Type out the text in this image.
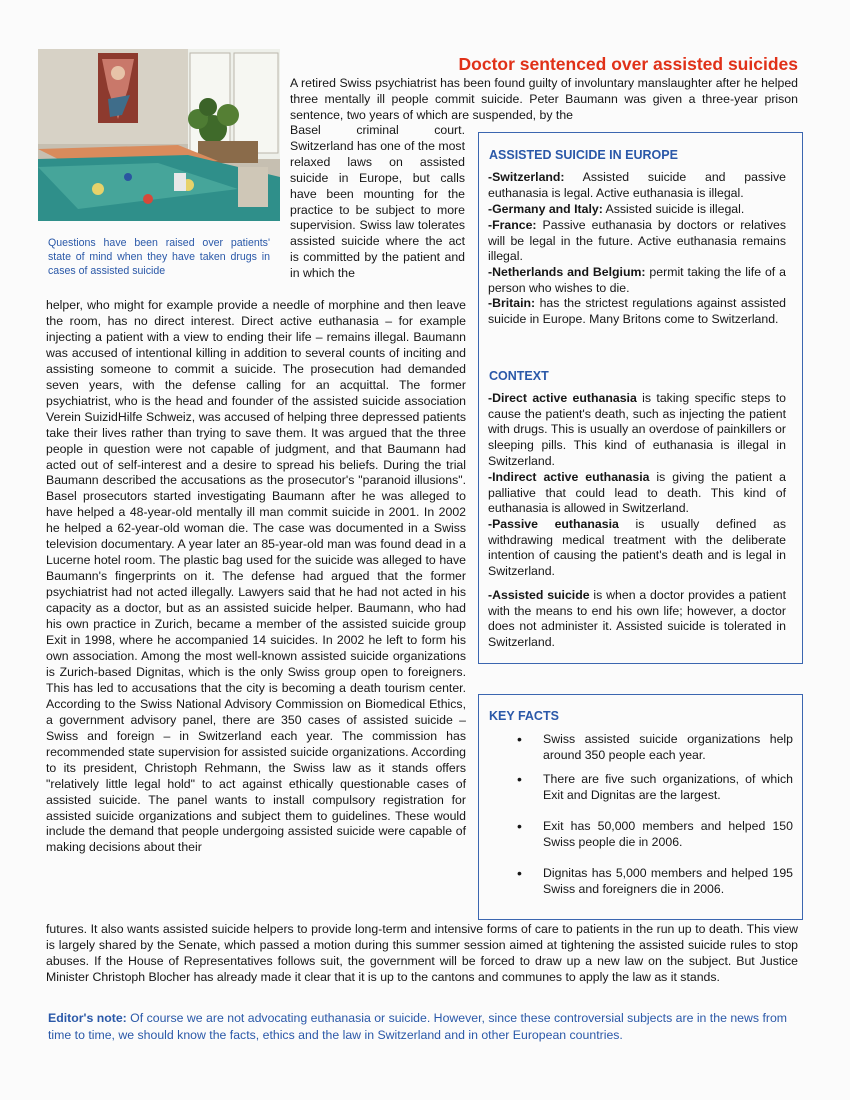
Questions have been raised over patients' state of mind when they have taken drugs in cases of assisted suicide
Doctor sentenced over assisted suicides

A retired Swiss psychiatrist has been found guilty of involuntary manslaughter after he helped three mentally ill people commit suicide. Peter Baumann was given a three-year prison sentence, two years of which are suspended, by the

Basel criminal court. Switzerland has one of the most relaxed laws on assisted suicide in Europe, but calls have been mounting for the practice to be subject to more supervision. Swiss law tolerates assisted suicide where the act is committed by the patient and in which the
helper, who might for example provide a needle of morphine and then leave the room, has no direct interest. Direct active euthanasia – for example injecting a patient with a view to ending their life – remains illegal. Baumann was accused of intentional killing in addition to several counts of inciting and assisting someone to commit a suicide. The prosecution had demanded seven years, with the defense calling for an acquittal. The former psychiatrist, who is the head and founder of the assisted suicide association Verein SuizidHilfe Schweiz, was accused of helping three depressed patients take their lives rather than trying to save them. It was argued that the three people in question were not capable of judgment, and that Baumann had acted out of self-interest and a desire to spread his beliefs. During the trial Baumann described the accusations as the prosecutor's "paranoid illusions". Basel prosecutors started investigating Baumann after he was alleged to have helped a 48-year-old mentally ill man commit suicide in 2001. In 2002 he helped a 62-year-old woman die. The case was documented in a Swiss television documentary. A year later an 85-year-old man was found dead in a Lucerne hotel room. The plastic bag used for the suicide was alleged to have Baumann's fingerprints on it. The defense had argued that the former psychiatrist had not acted illegally. Lawyers said that he had not acted in his capacity as a doctor, but as an assisted suicide helper. Baumann, who had his own practice in Zurich, became a member of the assisted suicide group Exit in 1998, where he accompanied 14 suicides. In 2002 he left to form his own association. Among the most well-known assisted suicide organizations is Zurich-based Dignitas, which is the only Swiss group open to foreigners. This has led to accusations that the city is becoming a death tourism center. According to the Swiss National Advisory Commission on Biomedical Ethics, a government advisory panel, there are 350 cases of assisted suicide – Swiss and foreign – in Switzerland each year. The commission has recommended state supervision for assisted suicide organizations. According to its president, Christoph Rehmann, the Swiss law as it stands offers "relatively little legal hold" to act against ethically questionable cases of assisted suicide. The panel wants to install compulsory registration for assisted suicide organizations and subject them to guidelines. These would include the demand that people undergoing assisted suicide were capable of making decisions about their
futures. It also wants assisted suicide helpers to provide long-term and intensive forms of care to patients in the run up to death. This view is largely shared by the Senate, which passed a motion during this summer session aimed at tightening the assisted suicide rules to stop abuses. If the House of Representatives follows suit, the government will be forced to draw up a new law on the subject. But Justice Minister Christoph Blocher has already made it clear that it is up to the cantons and communes to apply the law as it stands.
Editor's note: Of course we are not advocating euthanasia or suicide. However, since these controversial subjects are in the news from time to time, we should know the facts, ethics and the law in Switzerland and in other European countries.
ASSISTED SUICIDE IN EUROPE
-Switzerland: Assisted suicide and passive euthanasia is legal. Active euthanasia is illegal.
-Germany and Italy: Assisted suicide is illegal.
-France: Passive euthanasia by doctors or relatives will be legal in the future. Active euthanasia remains illegal.
-Netherlands and Belgium: permit taking the life of a person who wishes to die.
-Britain: has the strictest regulations against assisted suicide in Europe. Many Britons come to Switzerland.
CONTEXT
-Direct active euthanasia is taking specific steps to cause the patient's death, such as injecting the patient with drugs. This is usually an overdose of painkillers or sleeping pills. This kind of euthanasia is illegal in Switzerland.
-Indirect active euthanasia is giving the patient a palliative that could lead to death. This kind of euthanasia is allowed in Switzerland.
-Passive euthanasia is usually defined as withdrawing medical treatment with the deliberate intention of causing the patient's death and is legal in Switzerland.
-Assisted suicide is when a doctor provides a patient with the means to end his own life; however, a doctor does not administer it. Assisted suicide is tolerated in Switzerland.
KEY FACTS
• Swiss assisted suicide organizations help around 350 people each year.
• There are five such organizations, of which Exit and Dignitas are the largest.
• Exit has 50,000 members and helped 150 Swiss people die in 2006.
• Dignitas has 5,000 members and helped 195 Swiss and foreigners die in 2006.
